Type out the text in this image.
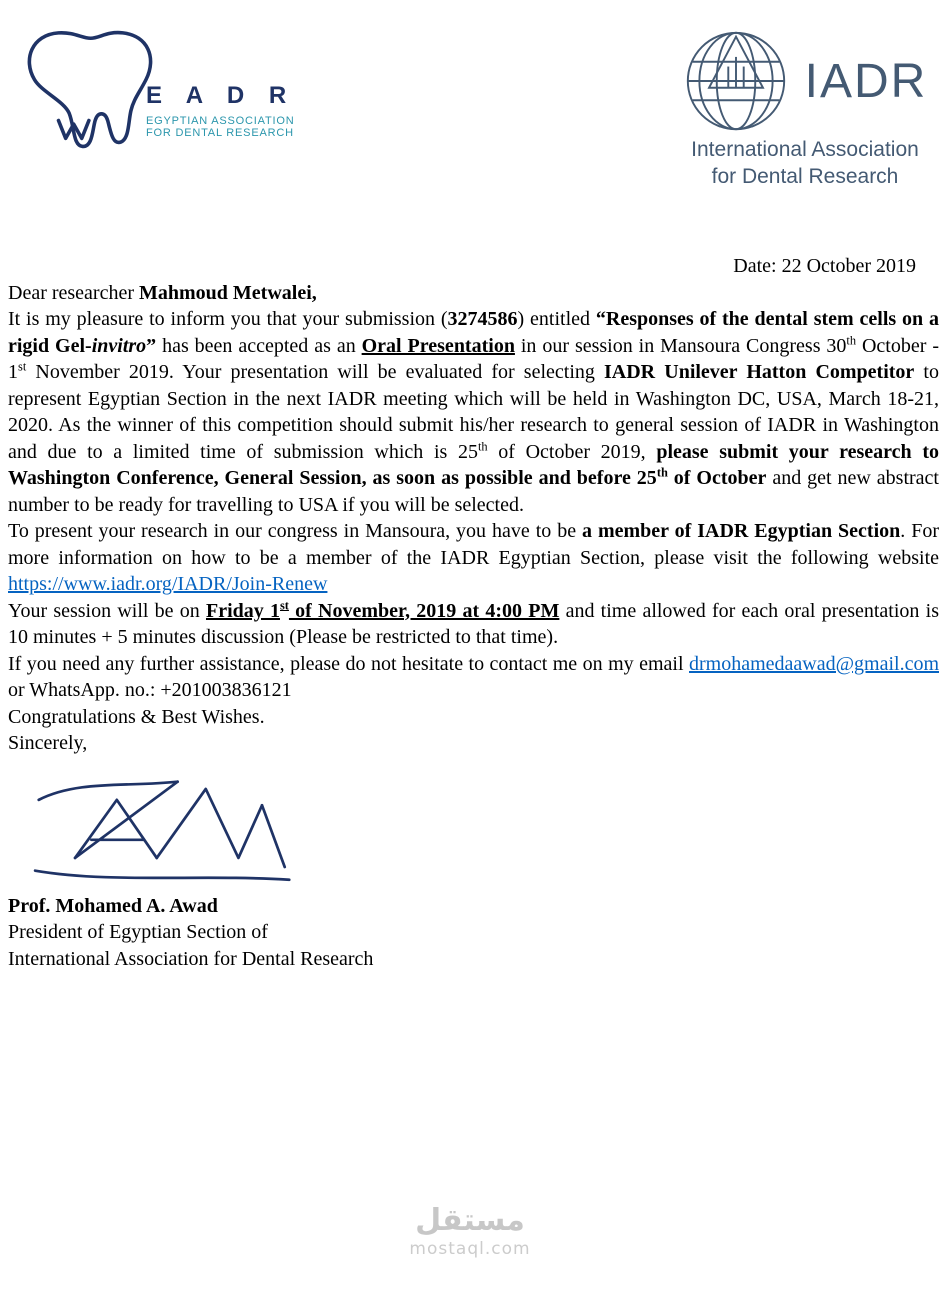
E A D R
EGYPTIAN ASSOCIATION
FOR DENTAL RESEARCH
IADR
International Association
for Dental Research

Date: 22 October 2019

Dear researcher Mahmoud Metwalei,

It is my pleasure to inform you that your submission (3274586) entitled “Responses of the dental stem cells on a rigid Gel-invitro” has been accepted as an Oral Presentation in our session in Mansoura Congress 30th October - 1st November 2019. Your presentation will be evaluated for selecting IADR Unilever Hatton Competitor to represent Egyptian Section in the next IADR meeting which will be held in Washington DC, USA, March 18-21, 2020. As the winner of this competition should submit his/her research to general session of IADR in Washington and due to a limited time of submission which is 25th of October 2019, please submit your research to Washington Conference, General Session, as soon as possible and before 25th of October and get new abstract number to be ready for travelling to USA if you will be selected.

To present your research in our congress in Mansoura, you have to be a member of IADR Egyptian Section. For more information on how to be a member of the IADR Egyptian Section, please visit the following website https://www.iadr.org/IADR/Join-Renew

Your session will be on Friday 1st of November, 2019 at 4:00 PM and time allowed for each oral presentation is 10 minutes + 5 minutes discussion (Please be restricted to that time).

If you need any further assistance, please do not hesitate to contact me on my email drmohamedaawad@gmail.com or WhatsApp. no.: +201003836121

Congratulations & Best Wishes.

Sincerely,

Prof. Mohamed A. Awad
President of Egyptian Section of
International Association for Dental Research
مستقل
mostaql.com
